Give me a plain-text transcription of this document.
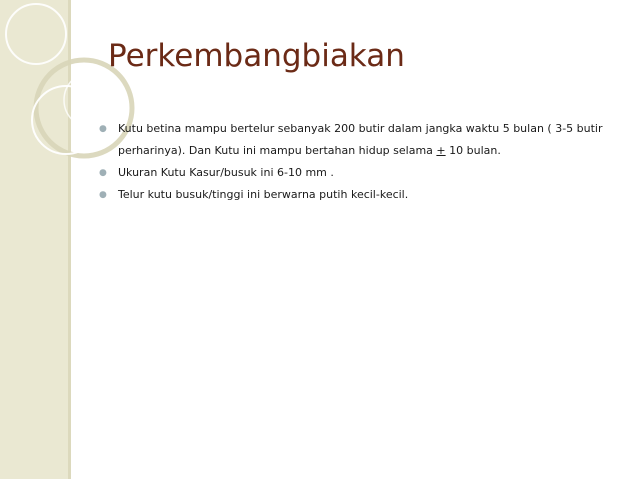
Perkembangbiakan
● Kutu betina mampu bertelur sebanyak 200 butir dalam jangka waktu 5 bulan ( 3-5 butir perharinya). Dan Kutu ini mampu bertahan hidup selama + 10 bulan.
● Ukuran Kutu Kasur/busuk ini 6-10 mm .
● Telur kutu busuk/tinggi ini berwarna putih kecil-kecil.
